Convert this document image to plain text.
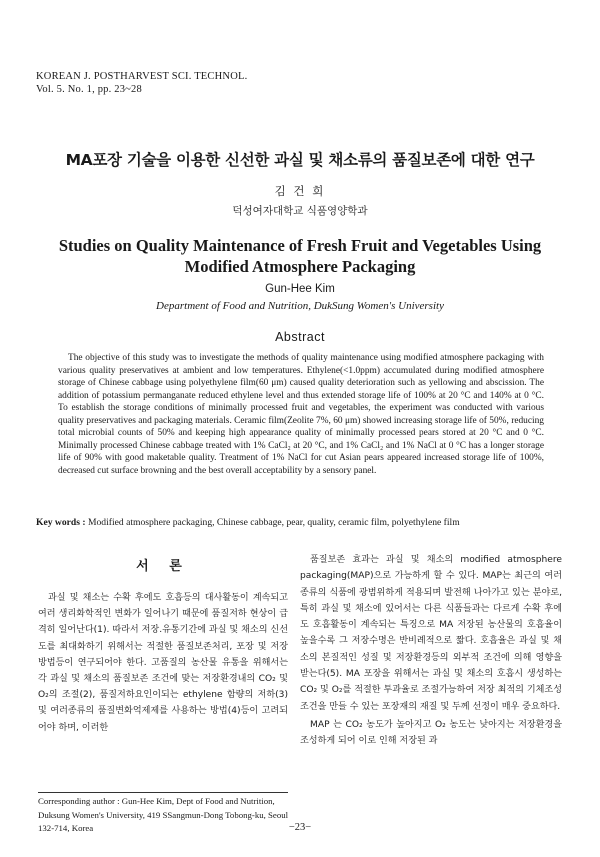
KOREAN J. POSTHARVEST SCI. TECHNOL.
Vol. 5. No. 1, pp. 23~28
MA포장 기술을 이용한 신선한 과실 및 채소류의 품질보존에 대한 연구
김 건 희
덕성여자대학교 식품영양학과
Studies on Quality Maintenance of Fresh Fruit and Vegetables Using
Modified Atmosphere Packaging
Gun-Hee Kim
Department of Food and Nutrition, DukSung Women's University
Abstract
The objective of this study was to investigate the methods of quality maintenance using modified atmosphere packaging with various quality preservatives at ambient and low temperatures. Ethylene(<1.0ppm) accumulated during modified atmosphere storage of Chinese cabbage using polyethylene film(60 μm) caused quality deterioration such as yellowing and abscission. The addition of potassium permanganate reduced ethylene level and thus extended storage life of 100% at 20 °C and 140% at 0 °C. To establish the storage conditions of minimally processed fruit and vegetables, the experiment was conducted with various quality preservatives and packaging materials. Ceramic film(Zeolite 7%, 60 μm) showed increasing storage life of 50%, reducing total microbial counts of 50% and keeping high appearance quality of minimally processed pears stored at 20 °C and 0 °C. Minimally processed Chinese cabbage treated with 1% CaCl₂ at 20 °C, and 1% CaCl₂ and 1% NaCl at 0 °C has a longer storage life of 90% with good maketable quality. Treatment of 1% NaCl for cut Asian pears appeared increased storage life of 100%, decreased cut surface browning and the best overall acceptability by a sensory panel.
Key words : Modified atmosphere packaging, Chinese cabbage, pear, quality, ceramic film, polyethylene film
서 론

과실 및 채소는 수확 후에도 호흡등의 대사활동이 계속되고 여러 생리화학적인 변화가 일어나기 때문에 품질저하 현상이 급격히 일어난다(1). 따라서 저장.유통기간에 과실 및 채소의 신선도를 최대화하기 위해서는 적절한 품질보존처리, 포장 및 저장방법등이 연구되어야 한다. 고품질의 농산물 유통을 위해서는 각 과실 및 채소의 품질보존 조건에 맞는 저장환경내의 CO₂ 및 O₂의 조절(2), 품질저하요인이되는 ethylene 함량의 저하(3) 및 여러종류의 품질변화억제제를 사용하는 방법(4)등이 고려되어야 하며, 이러한

품질보존 효과는 과실 및 채소의 modified atmosphere packaging(MAP)으로 가능하게 할 수 있다. MAP는 최근의 여러종류의 식품에 광범위하게 적용되며 발전해 나아가고 있는 분야로, 특히 과실 및 채소에 있어서는 다른 식품들과는 다르게 수확 후에도 호흡활동이 계속되는 특징으로 MA 저장된 농산물의 호흡율이 높을수록 그 저장수명은 반비례적으로 짧다. 호흡율은 과실 및 채소의 본질적인 성질 및 저장환경등의 외부적 조건에 의해 영향을 받는다(5). MA 포장을 위해서는 과실 및 채소의 호흡시 생성하는 CO₂ 및 O₂를 적절한 투과율로 조절가능하여 저장 최적의 기체조성조건을 만들 수 있는 포장재의 재질 및 두께 선정이 매우 중요하다.

MAP 는 CO₂ 농도가 높아지고 O₂ 농도는 낮아지는 저장환경을 조성하게 되어 이로 인해 저장된 과

Corresponding author : Gun-Hee Kim, Dept of Food and Nutrition, Duksung Women's University, 419 SSangmun-Dong Tobong-ku, Seoul 132-714, Korea	−23−
